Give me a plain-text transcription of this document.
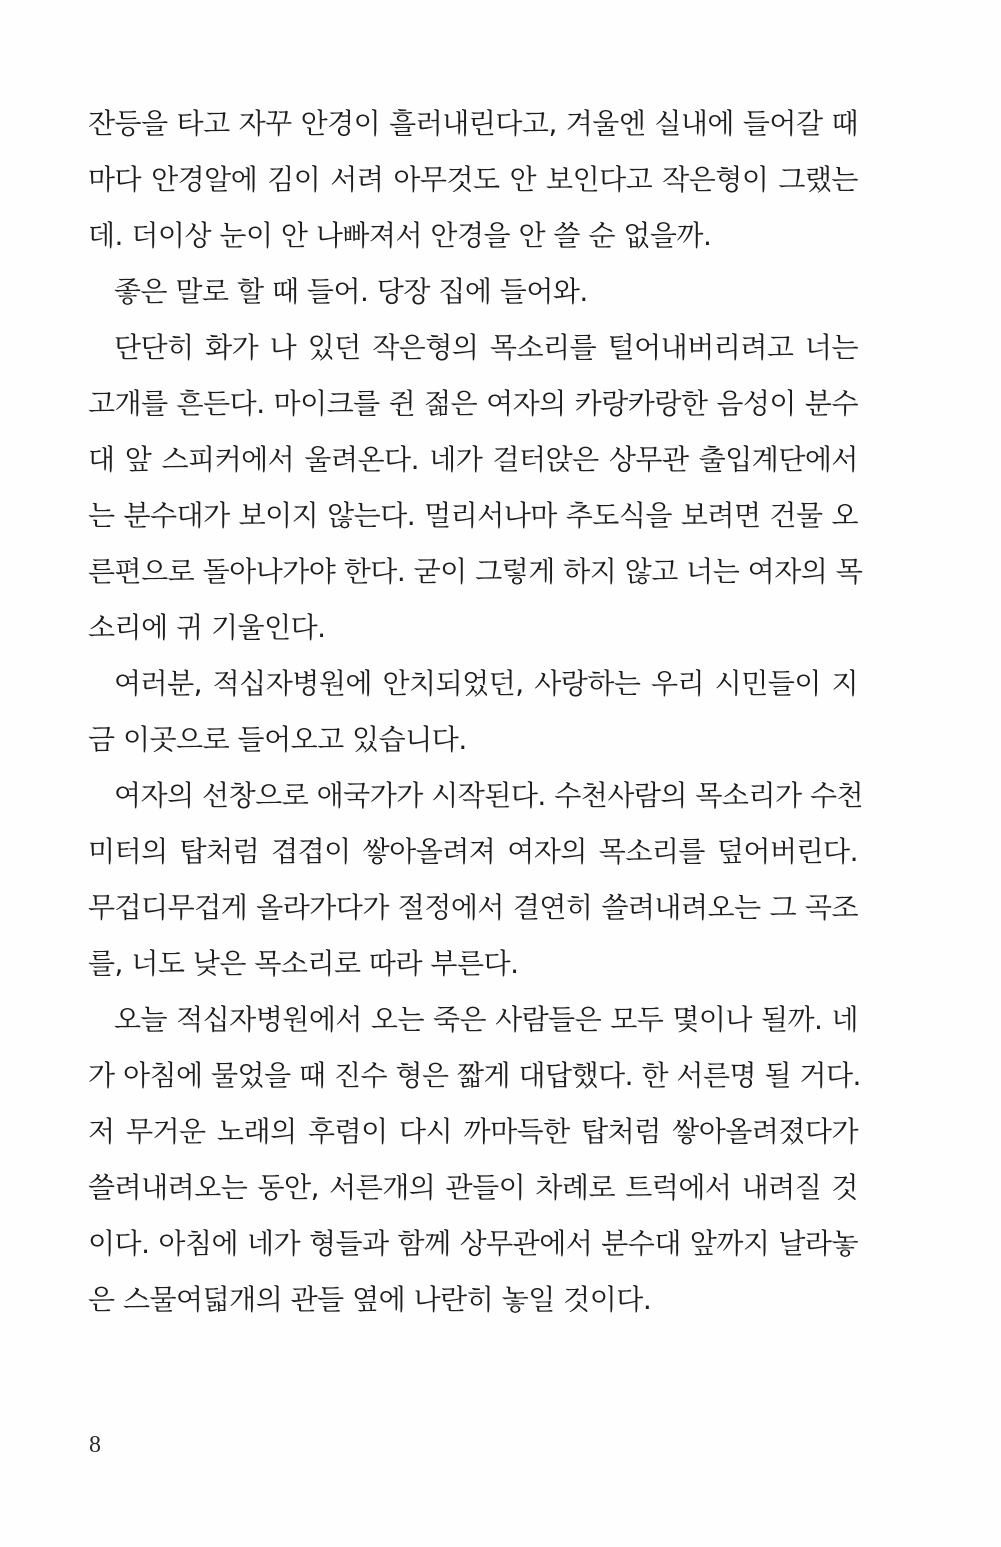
잔등을 타고 자꾸 안경이 흘러내린다고, 겨울엔 실내에 들어갈 때
마다 안경알에 김이 서려 아무것도 안 보인다고 작은형이 그랬는
데. 더이상 눈이 안 나빠져서 안경을 안 쓸 순 없을까.
좋은 말로 할 때 들어. 당장 집에 들어와.
단단히 화가 나 있던 작은형의 목소리를 털어내버리려고 너는
고개를 흔든다. 마이크를 쥔 젊은 여자의 카랑카랑한 음성이 분수
대 앞 스피커에서 울려온다. 네가 걸터앉은 상무관 출입계단에서
는 분수대가 보이지 않는다. 멀리서나마 추도식을 보려면 건물 오
른편으로 돌아나가야 한다. 굳이 그렇게 하지 않고 너는 여자의 목
소리에 귀 기울인다.
여러분, 적십자병원에 안치되었던, 사랑하는 우리 시민들이 지
금 이곳으로 들어오고 있습니다.
여자의 선창으로 애국가가 시작된다. 수천사람의 목소리가 수천
미터의 탑처럼 겹겹이 쌓아올려져 여자의 목소리를 덮어버린다.
무겁디무겁게 올라가다가 절정에서 결연히 쓸려내려오는 그 곡조
를, 너도 낮은 목소리로 따라 부른다.
오늘 적십자병원에서 오는 죽은 사람들은 모두 몇이나 될까. 네
가 아침에 물었을 때 진수 형은 짧게 대답했다. 한 서른명 될 거다.
저 무거운 노래의 후렴이 다시 까마득한 탑처럼 쌓아올려졌다가
쓸려내려오는 동안, 서른개의 관들이 차례로 트럭에서 내려질 것
이다. 아침에 네가 형들과 함께 상무관에서 분수대 앞까지 날라놓
은 스물여덟개의 관들 옆에 나란히 놓일 것이다.
8
